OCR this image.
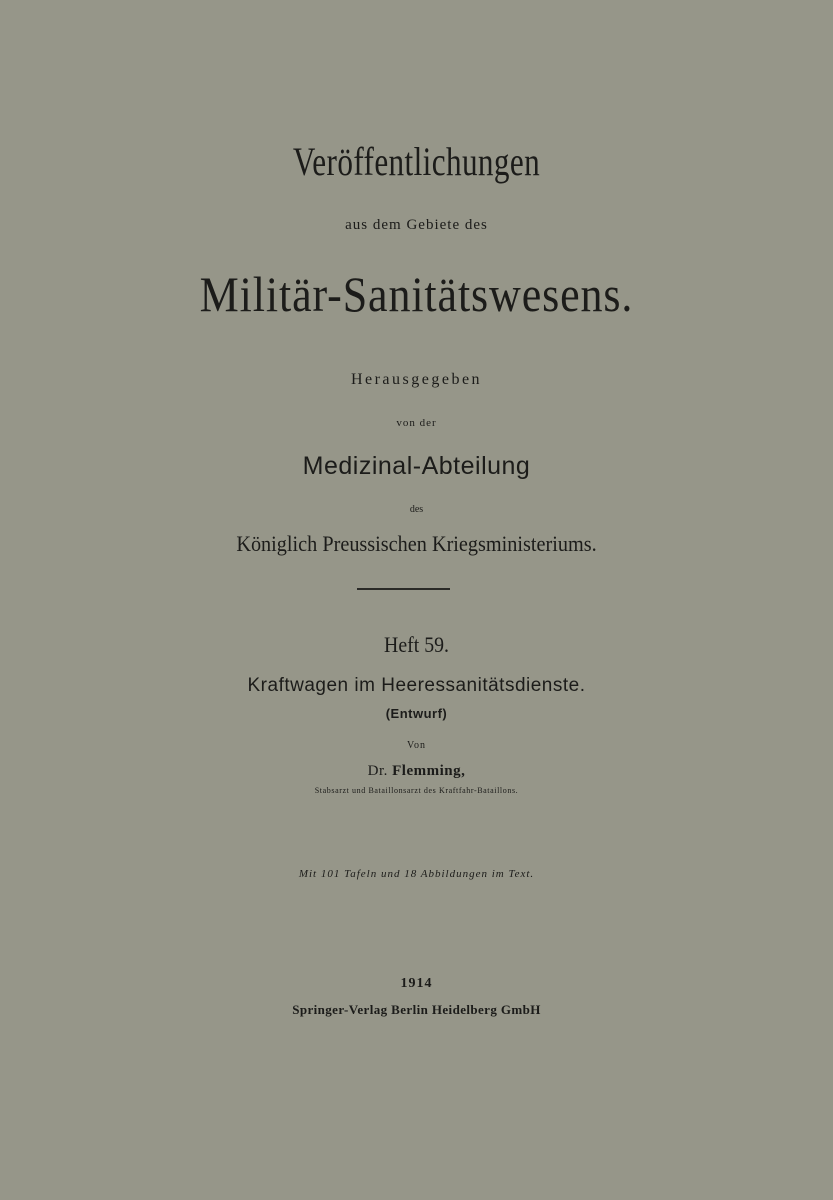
Veröffentlichungen
aus dem Gebiete des
Militär-Sanitätswesens.
Herausgegeben
von der
Medizinal-Abteilung
des
Königlich Preussischen Kriegsministeriums.
Heft 59.
Kraftwagen im Heeressanitätsdienste.
(Entwurf)
Von
Dr. Flemming,
Stabsarzt und Bataillonsarzt des Kraftfahr-Bataillons.
Mit 101 Tafeln und 18 Abbildungen im Text.
1914
Springer-Verlag Berlin Heidelberg GmbH
